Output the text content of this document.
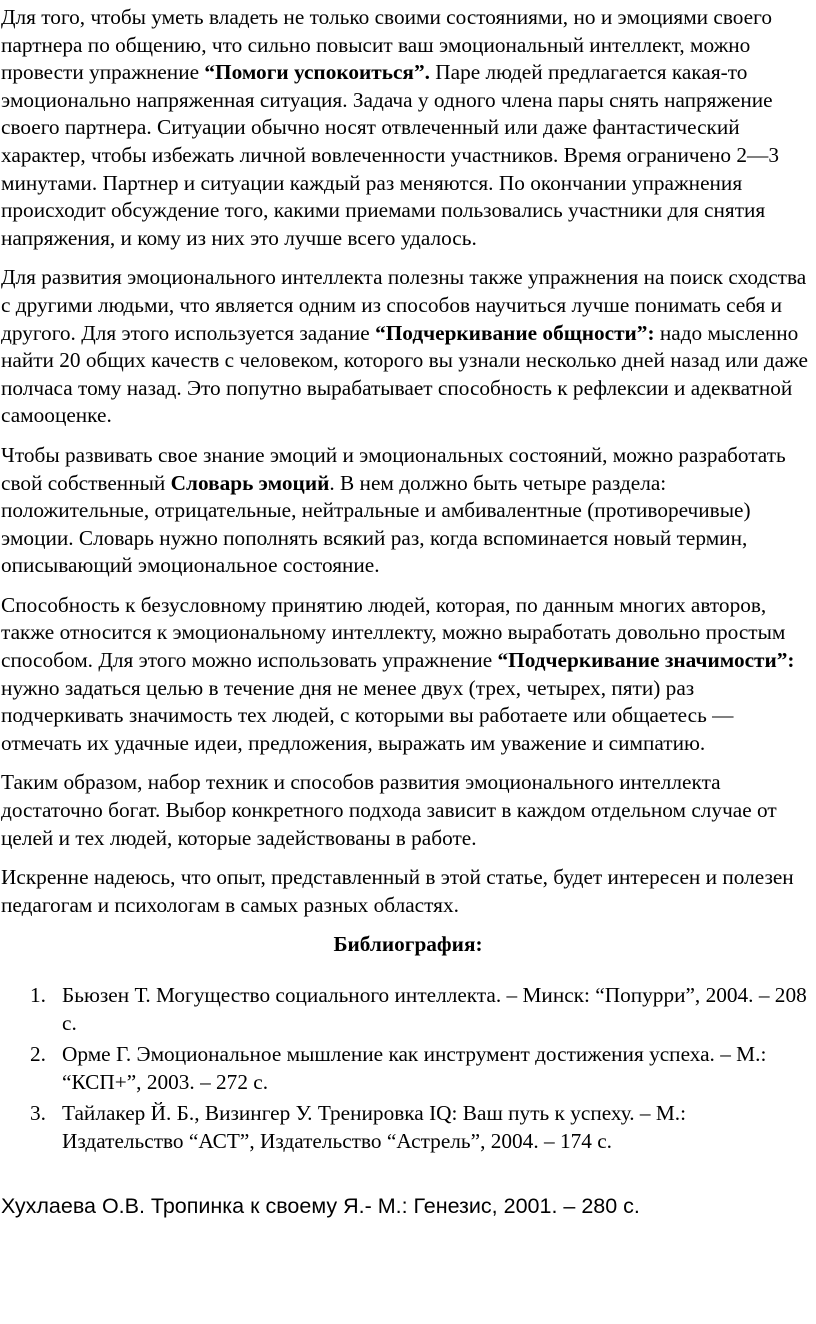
Для того, чтобы уметь владеть не только своими состояниями, но и эмоциями своего партнера по общению, что сильно повысит ваш эмоциональный интеллект, можно провести упражнение “Помоги успокоиться”. Паре людей предлагается какая-то эмоционально напряженная ситуация. Задача у одного члена пары снять напряжение своего партнера. Ситуации обычно носят отвлеченный или даже фантастический характер, чтобы избежать личной вовлеченности участников. Время ограничено 2—3 минутами. Партнер и ситуации каждый раз меняются. По окончании упражнения происходит обсуждение того, какими приемами пользовались участники для снятия напряжения, и кому из них это лучше всего удалось.

Для развития эмоционального интеллекта полезны также упражнения на поиск сходства с другими людьми, что является одним из способов научиться лучше понимать себя и другого. Для этого используется задание “Подчеркивание общности”: надо мысленно найти 20 общих качеств с человеком, которого вы узнали несколько дней назад или даже полчаса тому назад. Это попутно вырабатывает способность к рефлексии и адекватной самооценке.

Чтобы развивать свое знание эмоций и эмоциональных состояний, можно разработать свой собственный Словарь эмоций. В нем должно быть четыре раздела: положительные, отрицательные, нейтральные и амбивалентные (противоречивые) эмоции. Словарь нужно пополнять всякий раз, когда вспоминается новый термин, описывающий эмоциональное состояние.

Способность к безусловному принятию людей, которая, по данным многих авторов, также относится к эмоциональному интеллекту, можно выработать довольно простым способом. Для этого можно использовать упражнение “Подчеркивание значимости”: нужно задаться целью в течение дня не менее двух (трех, четырех, пяти) раз подчеркивать значимость тех людей, с которыми вы работаете или общаетесь — отмечать их удачные идеи, предложения, выражать им уважение и симпатию.

Таким образом, набор техник и способов развития эмоционального интеллекта достаточно богат. Выбор конкретного подхода зависит в каждом отдельном случае от целей и тех людей, которые задействованы в работе.

Искренне надеюсь, что опыт, представленный в этой статье, будет интересен и полезен педагогам и психологам в самых разных областях.

Библиография:
1. Бьюзен Т. Могущество социального интеллекта. – Минск: “Попурри”, 2004. – 208 с.
2. Орме Г. Эмоциональное мышление как инструмент достижения успеха. – М.: “КСП+”, 2003. – 272 с.
3. Тайлакер Й. Б., Визингер У. Тренировка IQ: Ваш путь к успеху. – М.: Издательство “АСТ”, Издательство “Астрель”, 2004. – 174 с.

Хухлаева О.В. Тропинка к своему Я.- М.: Генезис, 2001. – 280 с.
